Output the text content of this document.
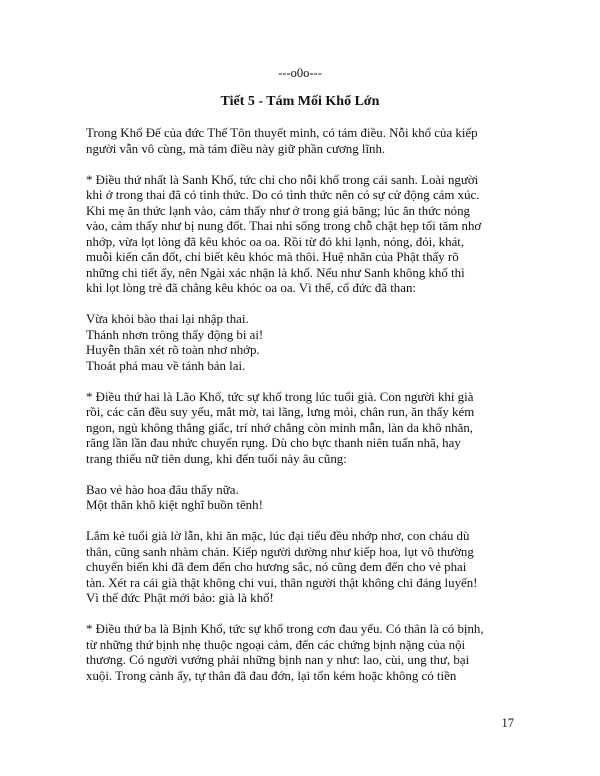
---o0o---
Tiết 5 - Tám Mối Khổ Lớn
Trong Khổ Đế của đức Thế Tôn thuyết minh, có tám điều. Nỗi khổ của kiếp
người vẫn vô cùng, mà tám điều này giữ phần cương lĩnh.
* Điều thứ nhất là Sanh Khổ, tức chỉ cho nỗi khổ trong cái sanh. Loài người
khi ở trong thai đã có tình thức. Do có tình thức nên có sự cử động cảm xúc.
Khi mẹ ăn thức lạnh vào, cảm thấy như ở trong giá băng; lúc ăn thức nóng
vào, cảm thấy như bị nung đốt. Thai nhi sống trong chỗ chật hẹp tối tăm nhơ
nhớp, vừa lọt lòng đã kêu khóc oa oa. Rồi từ đó khi lạnh, nóng, đói, khát,
muỗi kiến cắn đốt, chỉ biết kêu khóc mà thôi. Huệ nhãn của Phật thấy rõ
những chi tiết ấy, nên Ngài xác nhận là khổ. Nếu như Sanh không khổ thì
khi lọt lòng trẻ đã chẳng kêu khóc oa oa. Vì thế, cổ đức đã than:
Vừa khỏi bào thai lại nhập thai.
Thánh nhơn trông thấy động bi ai!
Huyễn thân xét rõ toàn nhơ nhớp.
Thoát phá mau về tánh bản lai.
* Điều thứ hai là Lão Khổ, tức sự khổ trong lúc tuổi già. Con người khi già
rồi, các căn đều suy yếu, mắt mờ, tai lãng, lưng mỏi, chân run, ăn thấy kém
ngon, ngủ không thẳng giấc, trí nhớ chẳng còn minh mẫn, làn da khô nhăn,
răng lần lần đau nhức chuyển rụng. Dù cho bực thanh niên tuấn nhã, hay
trang thiếu nữ tiên dung, khi đến tuổi này âu cũng:
Bao vẻ hào hoa đâu thấy nữa.
Một thân khô kiệt nghĩ buồn tênh!
Lắm kẻ tuổi già lờ lẫn, khi ăn mặc, lúc đại tiểu đều nhớp nhơ, con cháu dù
thân, cũng sanh nhàm chán. Kiếp người dường như kiếp hoa, lụt vô thường
chuyển biến khi đã đem đến cho hương sắc, nó cũng đem đến cho vẻ phai
tàn. Xét ra cái già thật không chi vui, thân người thật không chi đáng luyến!
Vì thế đức Phật mới bảo: già là khổ!
* Điều thứ ba là Bịnh Khổ, tức sự khổ trong cơn đau yếu. Có thân là có bịnh,
từ những thứ bịnh nhẹ thuộc ngoại cảm, đến các chứng bịnh nặng của nội
thương. Có người vướng phải những bịnh nan y như: lao, cùi, ung thư, bại
xuội. Trong cảnh ấy, tự thân đã đau đớn, lại tốn kém hoặc không có tiền
17
